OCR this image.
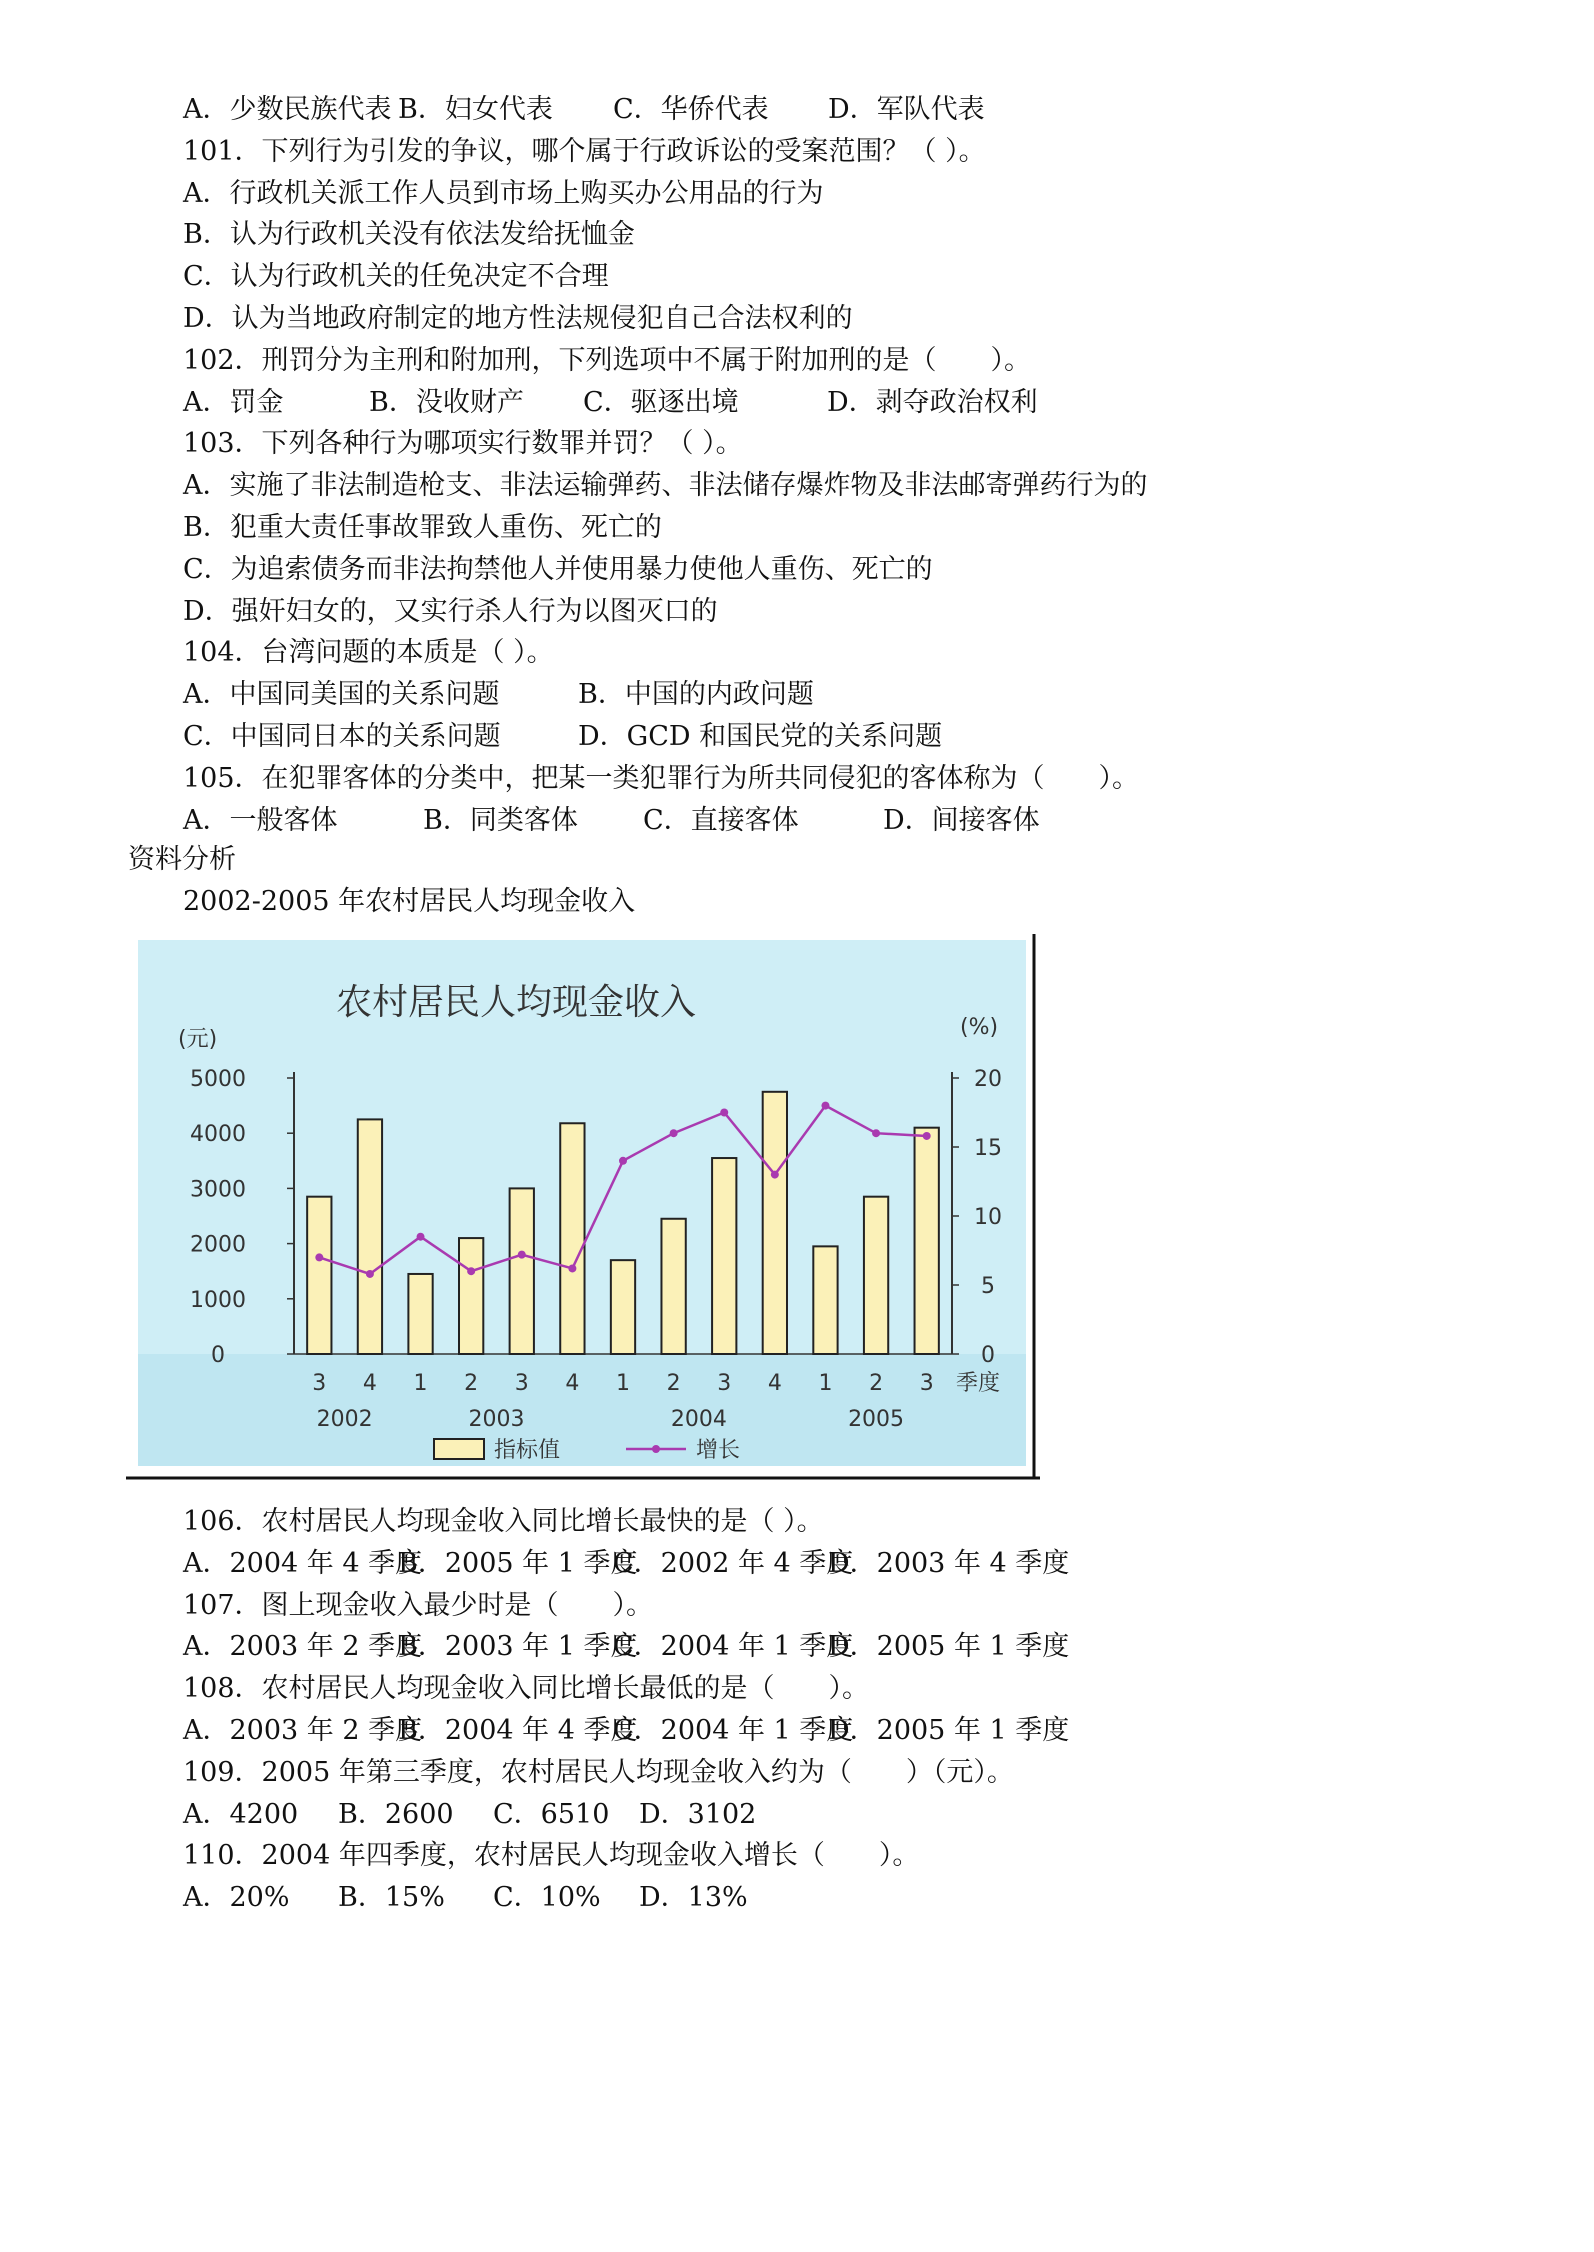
A．少数民族代表 B．妇女代表 C．华侨代表 D．军队代表
101．下列行为引发的争议，哪个属于行政诉讼的受案范围？（ ）。
A．行政机关派工作人员到市场上购买办公用品的行为
B．认为行政机关没有依法发给抚恤金
C．认为行政机关的任免决定不合理
D．认为当地政府制定的地方性法规侵犯自己合法权利的
102．刑罚分为主刑和附加刑，下列选项中不属于附加刑的是（　　）。
A．罚金	B．没收财产 C．驱逐出境	D．剥夺政治权利
103．下列各种行为哪项实行数罪并罚？（ ）。
A．实施了非法制造枪支、非法运输弹药、非法储存爆炸物及非法邮寄弹药行为的
B．犯重大责任事故罪致人重伤、死亡的
C．为追索债务而非法拘禁他人并使用暴力使他人重伤、死亡的
D．强奸妇女的，又实行杀人行为以图灭口的
104．台湾问题的本质是（ ）。
A．中国同美国的关系问题	B．中国的内政问题
C．中国同日本的关系问题	D．GCD 和国民党的关系问题
105．在犯罪客体的分类中，把某一类犯罪行为所共同侵犯的客体称为（　　）。
A．一般客体	B．同类客体 C．直接客体	D．间接客体
资料分析
2002-2005 年农村居民人均现金收入
农村居民人均现金收入
(元)	(%)
5000
4000
3000
2000
1000
0
20
15
10
5
0
3 4 1 2 3 4 1 2 3 4 1 2 3 季度
2002	2003	2004	2005
指标值	增长
106．农村居民人均现金收入同比增长最快的是（ ）。
A．2004 年 4 季度
B．2005 年 1 季度
C．2002 年 4 季度
D．2003 年 4 季度
107．图上现金收入最少时是（　　）。
A．2003 年 2 季度
B．2003 年 1 季度
C．2004 年 1 季度
D．2005 年 1 季度
108．农村居民人均现金收入同比增长最低的是（　　）。
A．2003 年 2 季度
B．2004 年 4 季度
C．2004 年 1 季度
D．2005 年 1 季度
109．2005 年第三季度，农村居民人均现金收入约为（　　）（元）。
A．4200 B．2600 C．6510 D．3102
110．2004 年四季度，农村居民人均现金收入增长（　　）。
A．20% B．15% C．10% D．13%
